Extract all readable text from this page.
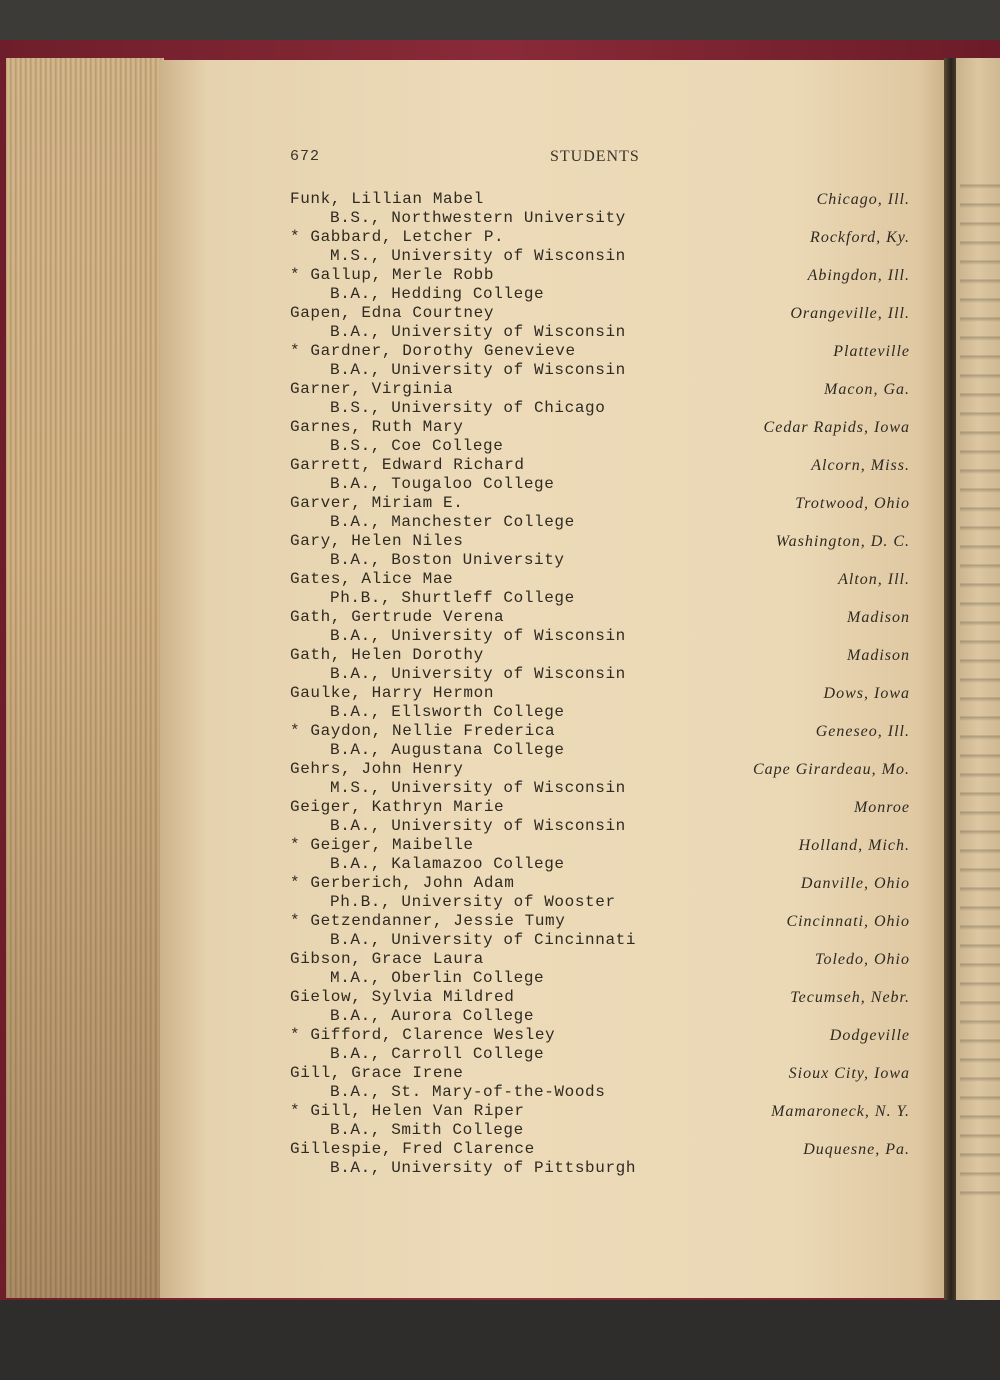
672	STUDENTS
Funk, Lillian Mabel
B.S., Northwestern University
Chicago, Ill.
* Gabbard, Letcher P.
M.S., University of Wisconsin
Rockford, Ky.
* Gallup, Merle Robb
B.A., Hedding College
Abingdon, Ill.
Gapen, Edna Courtney
B.A., University of Wisconsin
Orangeville, Ill.
* Gardner, Dorothy Genevieve
B.A., University of Wisconsin
Platteville
Garner, Virginia
B.S., University of Chicago
Macon, Ga.
Garnes, Ruth Mary
B.S., Coe College
Cedar Rapids, Iowa
Garrett, Edward Richard
B.A., Tougaloo College
Alcorn, Miss.
Garver, Miriam E.
B.A., Manchester College
Trotwood, Ohio
Gary, Helen Niles
B.A., Boston University
Washington, D. C.
Gates, Alice Mae
Ph.B., Shurtleff College
Alton, Ill.
Gath, Gertrude Verena
B.A., University of Wisconsin
Madison
Gath, Helen Dorothy
B.A., University of Wisconsin
Madison
Gaulke, Harry Hermon
B.A., Ellsworth College
Dows, Iowa
* Gaydon, Nellie Frederica
B.A., Augustana College
Geneseo, Ill.
Gehrs, John Henry
M.S., University of Wisconsin
Cape Girardeau, Mo.
Geiger, Kathryn Marie
B.A., University of Wisconsin
Monroe
* Geiger, Maibelle
B.A., Kalamazoo College
Holland, Mich.
* Gerberich, John Adam
Ph.B., University of Wooster
Danville, Ohio
* Getzendanner, Jessie Tumy
B.A., University of Cincinnati
Cincinnati, Ohio
Gibson, Grace Laura
M.A., Oberlin College
Toledo, Ohio
Gielow, Sylvia Mildred
B.A., Aurora College
Tecumseh, Nebr.
* Gifford, Clarence Wesley
B.A., Carroll College
Dodgeville
Gill, Grace Irene
B.A., St. Mary-of-the-Woods
Sioux City, Iowa
* Gill, Helen Van Riper
B.A., Smith College
Mamaroneck, N. Y.
Gillespie, Fred Clarence
B.A., University of Pittsburgh
Duquesne, Pa.
